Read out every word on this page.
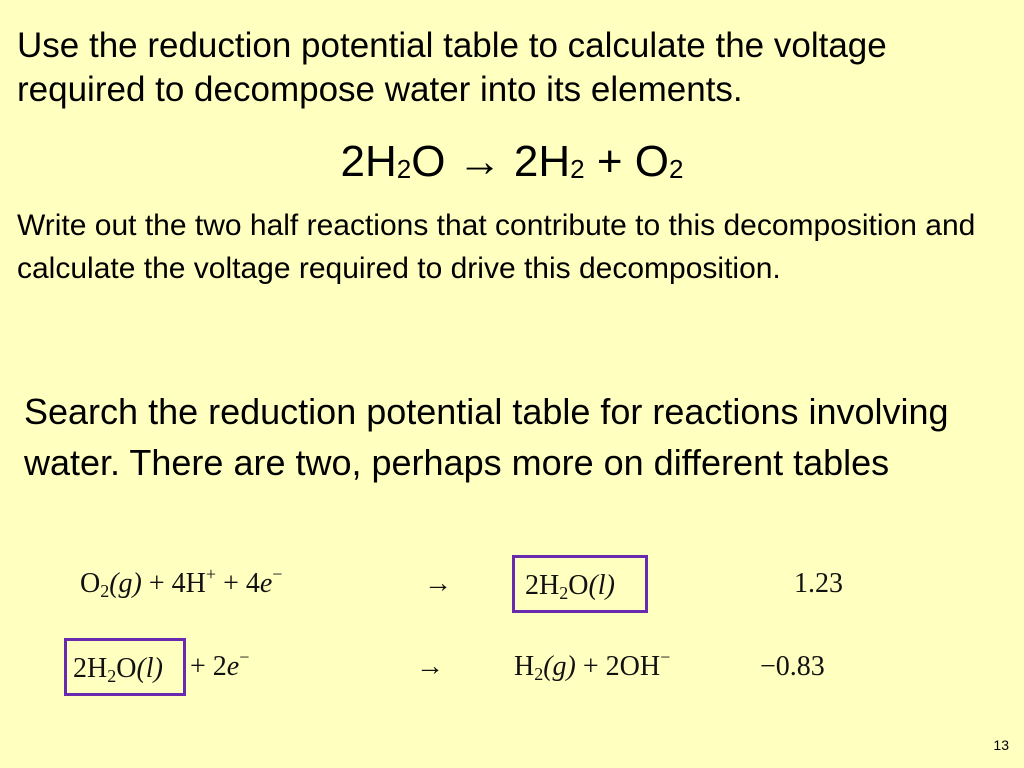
Use the reduction potential table to calculate the voltage required to decompose water into its elements.

$2H_2O \to 2H_2 + O_2$

Write out the two half reactions that contribute to this decomposition and calculate the voltage required to drive this decomposition.

Search the reduction potential table for reactions involving water. There are two, perhaps more on different tables

$O_2(g) + 4H^+ + 4e^-$	→	$2H_2O(l)$	1.23
$2H_2O(l) + 2e^-$	→	$H_2(g) + 2OH^-$	−0.83
13
